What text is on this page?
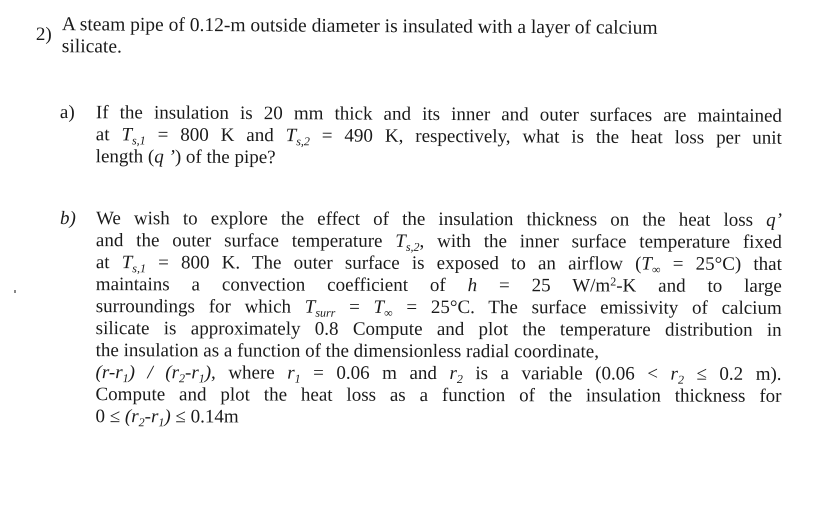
2) A steam pipe of 0.12-m outside diameter is insulated with a layer of calcium
silicate.
a) If the insulation is 20 mm thick and its inner and outer surfaces are maintained
at $T_{s,1} = 800$ K and $T_{s,2} = 490$ K, respectively, what is the heat loss per unit
length (q ’) of the pipe?
b) We wish to explore the effect of the insulation thickness on the heat loss q’
and the outer surface temperature $T_{s,2}$, with the inner surface temperature fixed
at $T_{s,1} = 800$ K. The outer surface is exposed to an airflow $(T_\infty = 25^\circ C)$ that
maintains a convection coefficient of h = 25 $W/m^2-K$ and to large
surroundings for which $T_{surr} = T_\infty = 25^\circ C$. The surface emissivity of calcium
silicate is approximately 0.8 Compute and plot the temperature distribution in
the insulation as a function of the dimensionless radial coordinate,
$(r-r_1) / (r_2-r_1)$, where $r_1 = 0.06$ m and $r_2$ is a variable ($0.06 < r_2 \le 0.2$ m).
Compute and plot the heat loss as a function of the insulation thickness for
$0 \le (r_2-r_1) \le 0.14m$
